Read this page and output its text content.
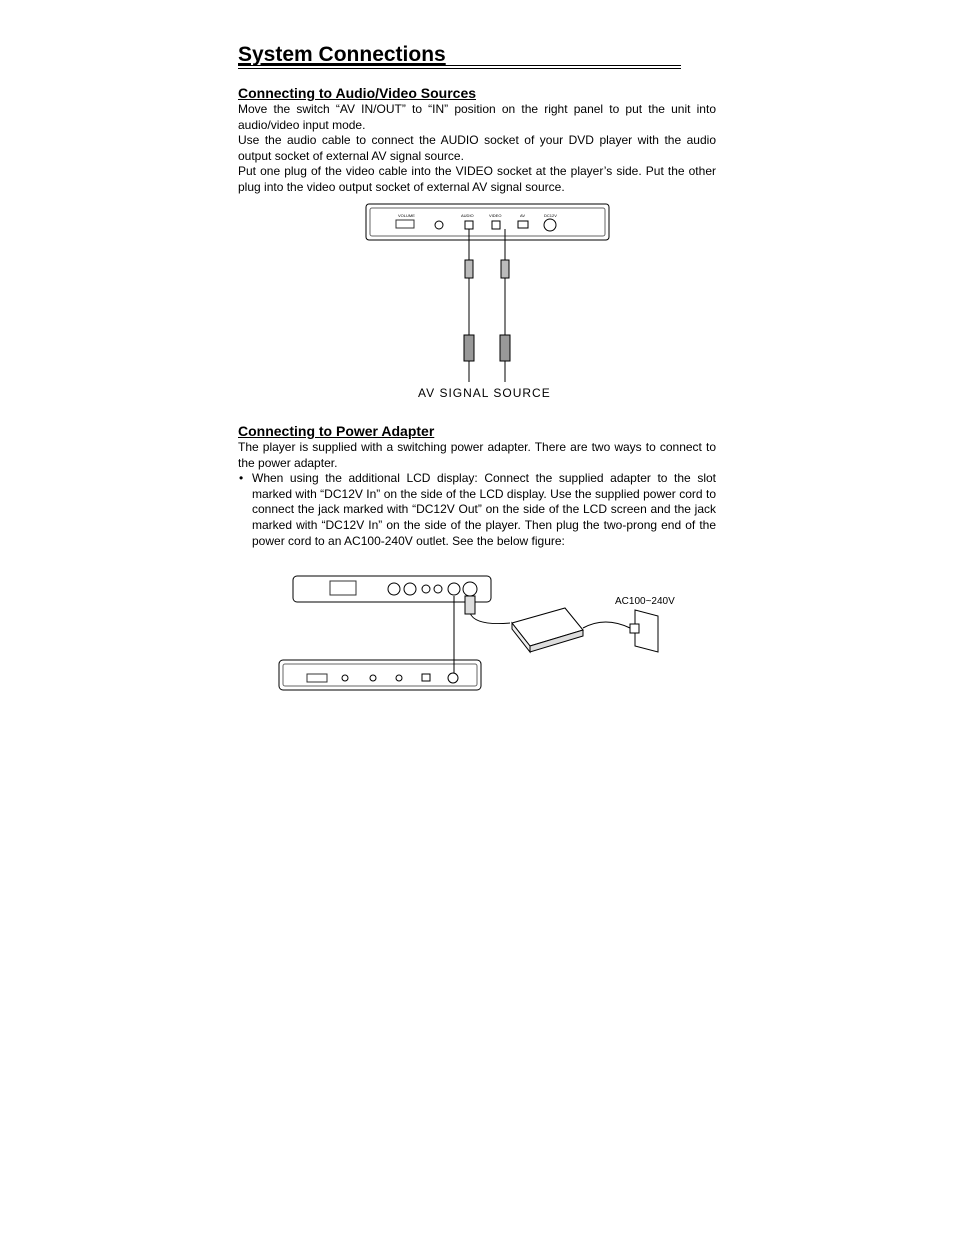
System Connections
Connecting to Audio/Video Sources

Move the switch “AV IN/OUT” to “IN” position on the right panel to put the unit into audio/video input mode.

Use the audio cable to connect the AUDIO socket of your DVD player with the audio output socket of external AV signal source.

Put one plug of the video cable into the VIDEO socket at the player’s side. Put the other plug into the video output socket of external AV signal source.

Connecting to Power Adapter

The player is supplied with a switching power adapter. There are two ways to connect to the power adapter.

• When using the additional LCD display: Connect the supplied adapter to the slot marked with “DC12V In” on the side of the LCD display. Use the supplied power cord to connect the jack marked with “DC12V Out” on the side of the LCD screen and the jack marked with “DC12V In” on the side of the player. Then plug the two-prong end of the power cord to an AC100-240V outlet. See the below figure:
VOLUME	AUDIO	VIDEO	AV	DC12V
AV SIGNAL SOURCE
AC100~240V
